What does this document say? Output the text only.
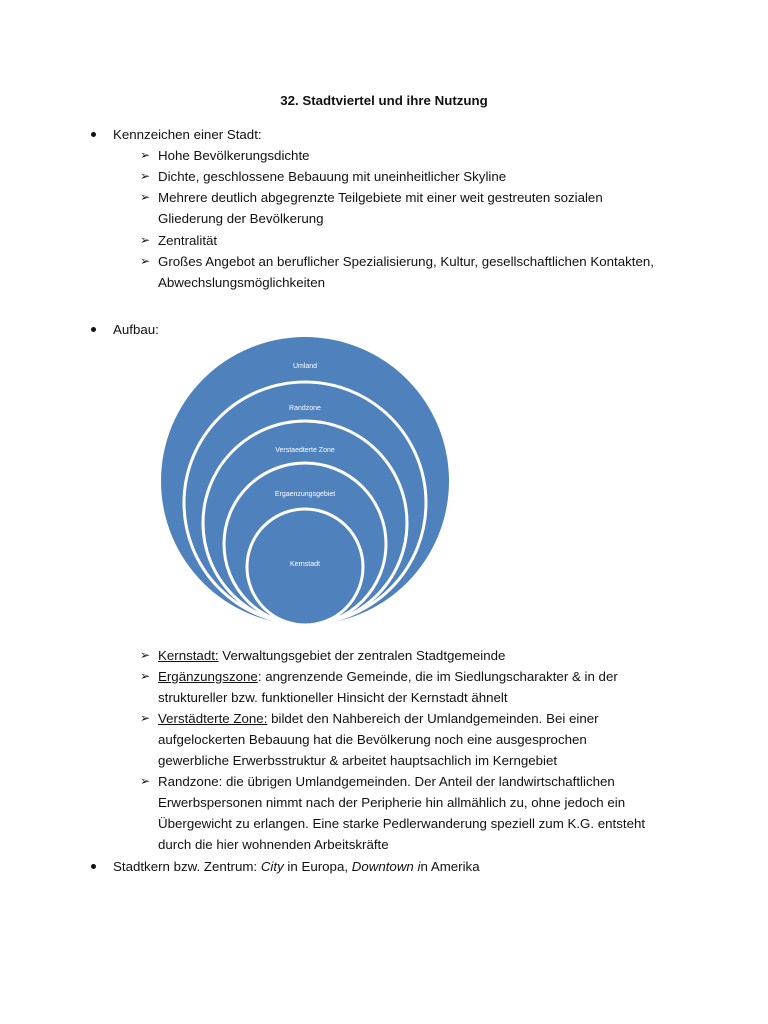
32. Stadtviertel und ihre Nutzung
Kennzeichen einer Stadt:
➢ Hohe Bevölkerungsdichte
➢ Dichte, geschlossene Bebauung mit uneinheitlicher Skyline
➢ Mehrere deutlich abgegrenzte Teilgebiete mit einer weit gestreuten sozialen
Gliederung der Bevölkerung
➢ Zentralität
➢ Großes Angebot an beruflicher Spezialisierung, Kultur, gesellschaftlichen Kontakten,
Abwechslungsmöglichkeiten
Aufbau:
Umland
Randzone
Verstaedterte Zone
Ergaenzungsgebiet
Kernstadt
➢ Kernstadt: Verwaltungsgebiet der zentralen Stadtgemeinde
➢ Ergänzungszone: angrenzende Gemeinde, die im Siedlungscharakter & in der
struktureller bzw. funktioneller Hinsicht der Kernstadt ähnelt
➢ Verstädterte Zone: bildet den Nahbereich der Umlandgemeinden. Bei einer
aufgelockerten Bebauung hat die Bevölkerung noch eine ausgesprochen
gewerbliche Erwerbsstruktur & arbeitet hauptsachlich im Kerngebiet
➢ Randzone: die übrigen Umlandgemeinden. Der Anteil der landwirtschaftlichen
Erwerbspersonen nimmt nach der Peripherie hin allmählich zu, ohne jedoch ein
Übergewicht zu erlangen. Eine starke Pedlerwanderung speziell zum K.G. entsteht
durch die hier wohnenden Arbeitskräfte
Stadtkern bzw. Zentrum: City in Europa, Downtown in Amerika
